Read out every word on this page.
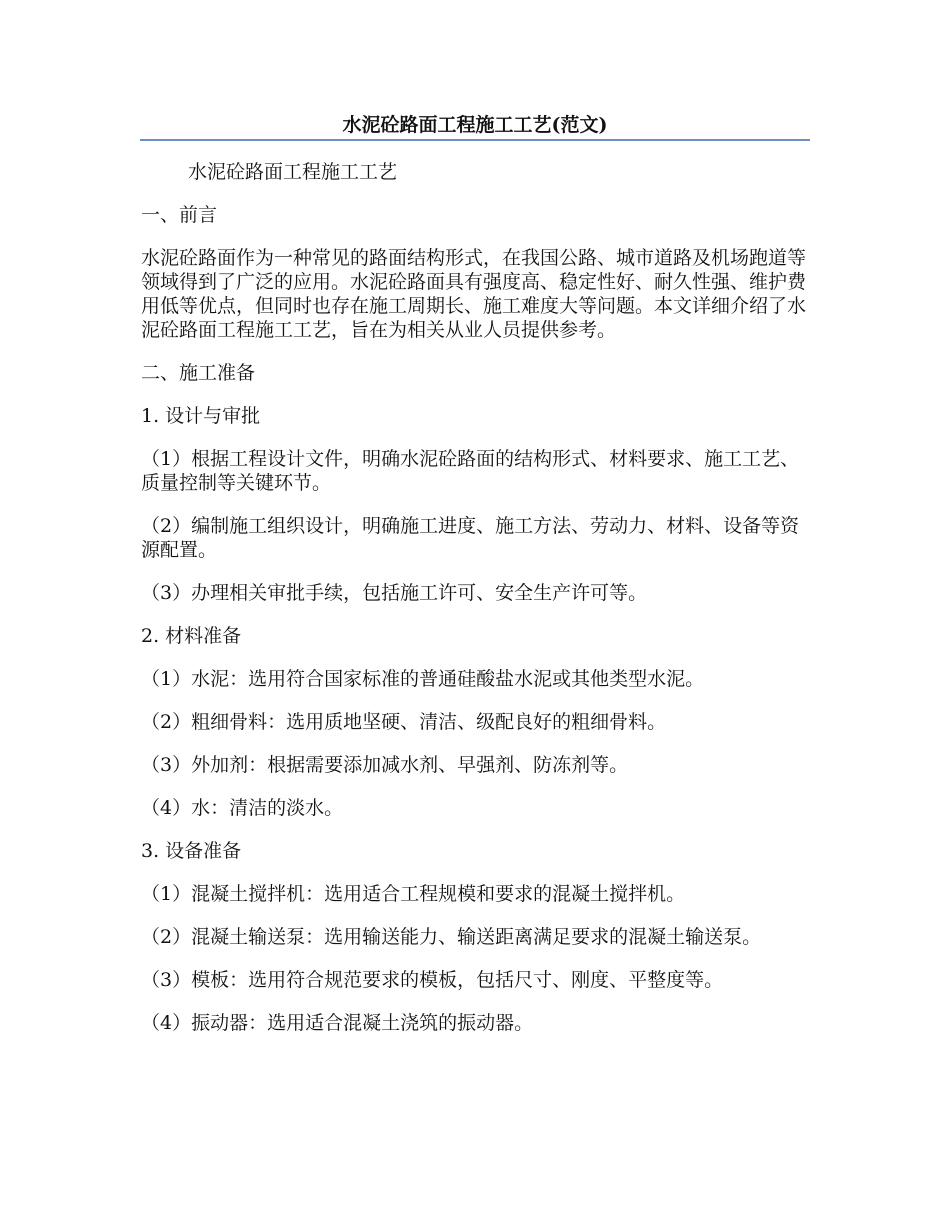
水泥砼路面工程施工工艺(范文)

水泥砼路面工程施工工艺

一、前言

水泥砼路面作为一种常见的路面结构形式，在我国公路、城市道路及机场跑道等领域得到了广泛的应用。水泥砼路面具有强度高、稳定性好、耐久性强、维护费用低等优点，但同时也存在施工周期长、施工难度大等问题。本文详细介绍了水泥砼路面工程施工工艺，旨在为相关从业人员提供参考。

二、施工准备

1. 设计与审批

（1）根据工程设计文件，明确水泥砼路面的结构形式、材料要求、施工工艺、质量控制等关键环节。

（2）编制施工组织设计，明确施工进度、施工方法、劳动力、材料、设备等资源配置。

（3）办理相关审批手续，包括施工许可、安全生产许可等。

2. 材料准备

（1）水泥：选用符合国家标准的普通硅酸盐水泥或其他类型水泥。

（2）粗细骨料：选用质地坚硬、清洁、级配良好的粗细骨料。

（3）外加剂：根据需要添加减水剂、早强剂、防冻剂等。

（4）水：清洁的淡水。

3. 设备准备

（1）混凝土搅拌机：选用适合工程规模和要求的混凝土搅拌机。

（2）混凝土输送泵：选用输送能力、输送距离满足要求的混凝土输送泵。

（3）模板：选用符合规范要求的模板，包括尺寸、刚度、平整度等。

（4）振动器：选用适合混凝土浇筑的振动器。
